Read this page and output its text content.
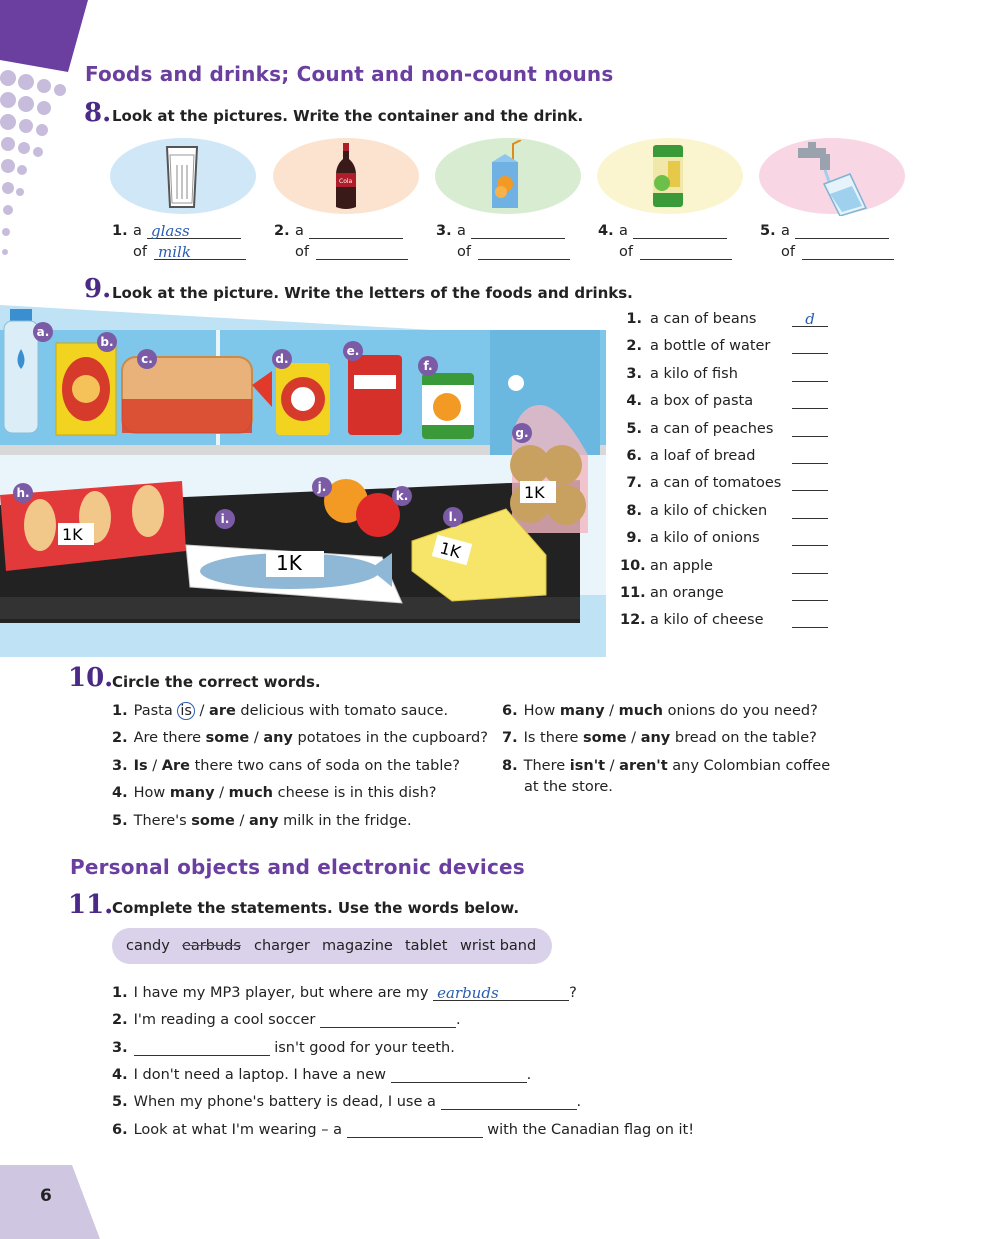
6
Foods and drinks; Count and non-count nouns
8. Look at the pictures. Write the container and the drink.
Cola
1. a glass
of milk
2. a
of
3. a
of
4. a
of
5. a
of
9. Look at the picture. Write the letters of the foods and drinks.
1K
1K
1K
1K
a.
b.
c.	d.
e.
f.
g.
h.
i.
j.
k.
l.
1. a can of beans	d
2. a bottle of water
3. a kilo of fish
4. a box of pasta
5. a can of peaches
6. a loaf of bread
7. a can of tomatoes
8. a kilo of chicken
9. a kilo of onions
10. an apple
11. an orange
12. a kilo of cheese
10.
Circle the correct words.
1. Pasta is / are delicious with tomato sauce.
2. Are there some / any potatoes in the cupboard?
3. Is / Are there two cans of soda on the table?
4. How many / much cheese is in this dish?
5. There's some / any milk in the fridge.
6. How many / much onions do you need?
7. Is there some / any bread on the table?
8. There isn't / aren't any Colombian coffee
at the store.
Personal objects and electronic devices
11.
Complete the statements. Use the words below.
candy earbuds charger magazine tablet wrist band
1. I have my MP3 player, but where are my earbuds	?
2. I'm reading a cool soccer	.
3.	isn't good for your teeth.
4. I don't need a laptop. I have a new	.
5. When my phone's battery is dead, I use a	.
6. Look at what I'm wearing – a	with the Canadian flag on it!
